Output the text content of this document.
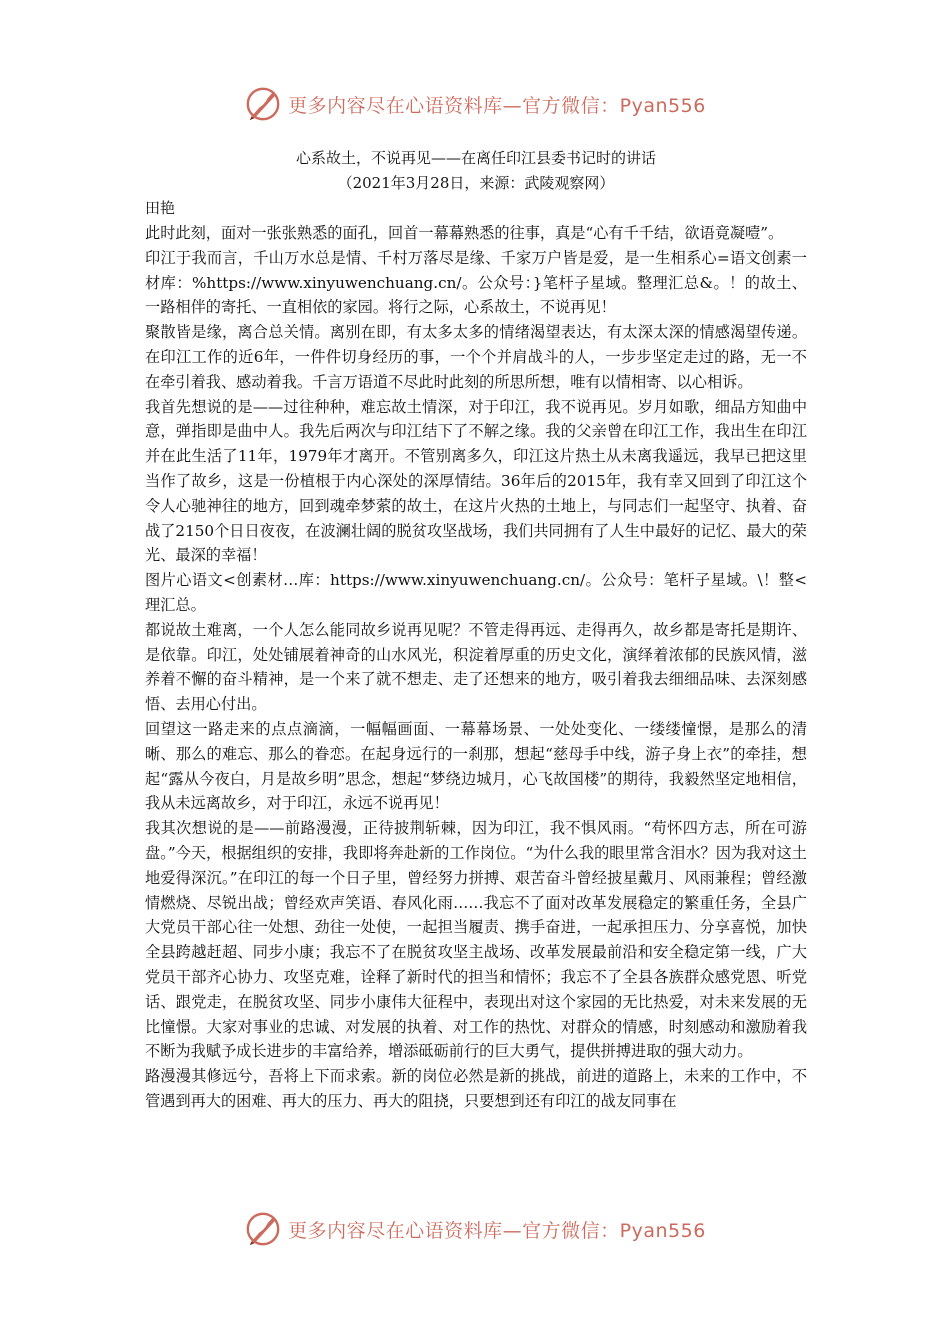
更多内容尽在心语资料库—官方微信：Pyan556

心系故土，不说再见——在离任印江县委书记时的讲话

（2021年3月28日，来源：武陵观察网）

田艳

此时此刻，面对一张张熟悉的面孔，回首一幕幕熟悉的往事，真是“心有千千结，欲语竟凝噎”。

印江于我而言，千山万水总是情、千村万落尽是缘、千家万户皆是爱，是一生相系心=语文创素一材库：%https://www.xinyuwenchuang.cn/。公众号：}笔杆子星域。整理汇总&。！的故土、一路相伴的寄托、一直相依的家园。将行之际，心系故土，不说再见！

聚散皆是缘，离合总关情。离别在即，有太多太多的情绪渴望表达，有太深太深的情感渴望传递。在印江工作的近6年，一件件切身经历的事，一个个并肩战斗的人，一步步坚定走过的路，无一不在牵引着我、感动着我。千言万语道不尽此时此刻的所思所想，唯有以情相寄、以心相诉。

我首先想说的是——过往种种，难忘故土情深，对于印江，我不说再见。岁月如歌，细品方知曲中意，弹指即是曲中人。我先后两次与印江结下了不解之缘。我的父亲曾在印江工作，我出生在印江并在此生活了11年，1979年才离开。不管别离多久，印江这片热土从未离我遥远，我早已把这里当作了故乡，这是一份植根于内心深处的深厚情结。36年后的2015年，我有幸又回到了印江这个令人心驰神往的地方，回到魂牵梦萦的故土，在这片火热的土地上，与同志们一起坚守、执着、奋战了2150个日日夜夜，在波澜壮阔的脱贫攻坚战场，我们共同拥有了人生中最好的记忆、最大的荣光、最深的幸福！

图片心语文<创素材…库：https://www.xinyuwenchuang.cn/。公众号：笔杆子星域。\！整<理汇总。

都说故土难离，一个人怎么能同故乡说再见呢？不管走得再远、走得再久，故乡都是寄托是期许、是依靠。印江，处处铺展着神奇的山水风光，积淀着厚重的历史文化，演绎着浓郁的民族风情，滋养着不懈的奋斗精神，是一个来了就不想走、走了还想来的地方，吸引着我去细细品味、去深刻感悟、去用心付出。

回望这一路走来的点点滴滴，一幅幅画面、一幕幕场景、一处处变化、一缕缕憧憬，是那么的清晰、那么的难忘、那么的眷恋。在起身远行的一刹那，想起“慈母手中线，游子身上衣”的牵挂，想起“露从今夜白，月是故乡明”思念，想起“梦绕边城月，心飞故国楼”的期待，我毅然坚定地相信，我从未远离故乡，对于印江，永远不说再见！

我其次想说的是——前路漫漫，正待披荆斩棘，因为印江，我不惧风雨。“苟怀四方志，所在可游盘。”今天，根据组织的安排，我即将奔赴新的工作岗位。“为什么我的眼里常含泪水？因为我对这土地爱得深沉。”在印江的每一个日子里，曾经努力拼搏、艰苦奋斗曾经披星戴月、风雨兼程；曾经激情燃烧、尽锐出战；曾经欢声笑语、春风化雨……我忘不了面对改革发展稳定的繁重任务，全县广大党员干部心往一处想、劲往一处使，一起担当履责、携手奋进，一起承担压力、分享喜悦，加快全县跨越赶超、同步小康；我忘不了在脱贫攻坚主战场、改革发展最前沿和安全稳定第一线，广大党员干部齐心协力、攻坚克难，诠释了新时代的担当和情怀；我忘不了全县各族群众感党恩、听党话、跟党走，在脱贫攻坚、同步小康伟大征程中，表现出对这个家园的无比热爱，对未来发展的无比憧憬。大家对事业的忠诚、对发展的执着、对工作的热忱、对群众的情感，时刻感动和激励着我不断为我赋予成长进步的丰富给养，增添砥砺前行的巨大勇气，提供拼搏进取的强大动力。

路漫漫其修远兮，吾将上下而求索。新的岗位必然是新的挑战，前进的道路上，未来的工作中，不管遇到再大的困难、再大的压力、再大的阻挠，只要想到还有印江的战友同事在

更多内容尽在心语资料库—官方微信：Pyan556
